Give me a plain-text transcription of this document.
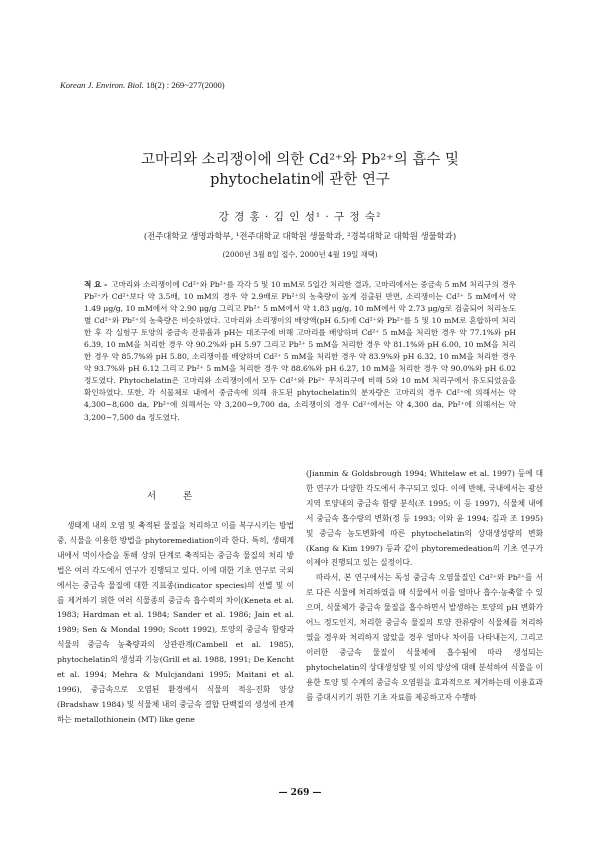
Korean J. Environ. Biol. 18(2) : 269~277(2000)
고마리와 소리쟁이에 의한 Cd²⁺와 Pb²⁺의 흡수 및
phytochelatin에 관한 연구
강 경 홍 · 김 인 성¹ · 구 정 숙²
(전주대학교 생명과학부, ¹전주대학교 대학원 생물학과, ²경북대학교 대학원 생물학과)
(2000년 3월 8일 접수, 2000년 4월 19일 채택)

적 요 - 고마리와 소리쟁이에 Cd²⁺와 Pb²⁺를 각각 5 및 10 mM로 5일간 처리한 결과, 고마리에서는 중금속 5 mM 처리구의 경우 Pb²⁺가 Cd²⁺보다 약 3.5배, 10 mM의 경우 약 2.9배로 Pb²⁺의 농축량이 높게 검출된 반면, 소리쟁이는 Cd²⁺ 5 mM에서 약 1.49 μg/g, 10 mM에서 약 2.90 μg/g 그리고 Pb²⁺ 5 mM에서 약 1.83 μg/g, 10 mM에서 약 2.73 μg/g로 검출되어 처리농도별 Cd²⁺와 Pb²⁺의 농축량은 비슷하였다. 고마리와 소리쟁이의 배양액(pH 6.5)에 Cd²⁺와 Pb²⁺를 5 및 10 mM로 혼합하여 처리한 후 각 실험구 토양의 중금속 잔류율과 pH는 대조구에 비해 고마리를 배양하며 Cd²⁺ 5 mM을 처리한 경우 약 77.1%와 pH 6.39, 10 mM을 처리한 경우 약 90.2%와 pH 5.97 그리고 Pb²⁺ 5 mM을 처리한 경우 약 81.1%와 pH 6.00, 10 mM을 처리한 경우 약 85.7%와 pH 5.80, 소리쟁이를 배양하며 Cd²⁺ 5 mM을 처리한 경우 약 83.9%와 pH 6.32, 10 mM을 처리한 경우 약 93.7%와 pH 6.12 그리고 Pb²⁺ 5 mM을 처리한 경우 약 88.6%와 pH 6.27, 10 mM을 처리한 경우 약 90.0%와 pH 6.02 정도였다. Phytochelatin은 고마리와 소리쟁이에서 모두 Cd²⁺와 Pb²⁺ 무처리구에 비해 5와 10 mM 처리구에서 유도되었음을 확인하였다. 또한, 각 식물체로 내에서 중금속에 의해 유도된 phytochelatin의 분자량은 고마리의 경우 Cd²⁺에 의해서는 약 4,300~8,600 da, Pb²⁺에 의해서는 약 3,200~9,700 da, 소리쟁이의 경우 Cd²⁺에서는 약 4,300 da, Pb²⁺에 의해서는 약 3,200~7,500 da 정도였다.

서 론

생태계 내의 오염 및 축적된 물질을 처리하고 이를 복구시키는 방법 중, 식물을 이용한 방법을 phytoremediation이라 한다. 특히, 생태계 내에서 먹이사슬을 통해 상위 단계로 축적되는 중금속 물질의 처리 방법은 여러 각도에서 연구가 진행되고 있다. 이에 대한 기초 연구로 국외에서는 중금속 물질에 대한 지표종(indicator species)의 선별 및 이를 제거하기 위한 여러 식물종의 중금속 흡수력의 차이(Keneta et al. 1983; Hardman et al. 1984; Sander et al. 1986; Jain et al. 1989; Sen & Mondal 1990; Scott 1992), 토양의 중금속 함량과 식물의 중금속 농축량과의 상관관계(Cambell et al. 1985), phytochelatin의 생성과 기능(Grill et al. 1988, 1991; De Kencht et al. 1994; Mehra & Mulcjandani 1995; Maitani et al. 1996), 중금속으로 오염된 환경에서 식물의 적응·진화 양상(Bradshaw 1984) 및 식물체 내의 중금속 결합 단백질의 생성에 관계하는 metallothionein (MT) like gene

(Jianmin & Goldsbrough 1994; Whitelaw et al. 1997) 등에 대한 연구가 다양한 각도에서 추구되고 있다. 이에 반해, 국내에서는 광산지역 토양내의 중금속 함량 분석(조 1995; 이 등 1997), 식물체 내에서 중금속 흡수량의 변화(정 등 1993; 이와 윤 1994; 김과 조 1995) 및 중금속 농도변화에 따른 phytochelatin의 상대생성량의 변화(Kang & Kim 1997) 등과 같이 phytoremedeation의 기초 연구가 이제야 진행되고 있는 실정이다.

따라서, 본 연구에서는 독성 중금속 오염물질인 Cd²⁺와 Pb²⁺를 서로 다른 식물에 처리하였을 때 식물에서 이를 얼마나 흡수·농축할 수 있으며, 식물체가 중금속 물질을 흡수하면서 발생하는 토양의 pH 변화가 어느 정도인지, 처리한 중금속 물질의 토양 잔류량이 식물체를 처리하였을 경우와 처리하지 않았을 경우 얼마나 차이를 나타내는지, 그리고 이러한 중금속 물질이 식물체에 흡수됨에 따라 생성되는 phytochelatin의 상대생성량 및 이의 양상에 대해 분석하여 식물을 이용한 토양 및 수계의 중금속 오염원을 효과적으로 제거하는데 이용효과를 증대시키기 위한 기초 자료를 제공하고자 수행하

— 269 —
